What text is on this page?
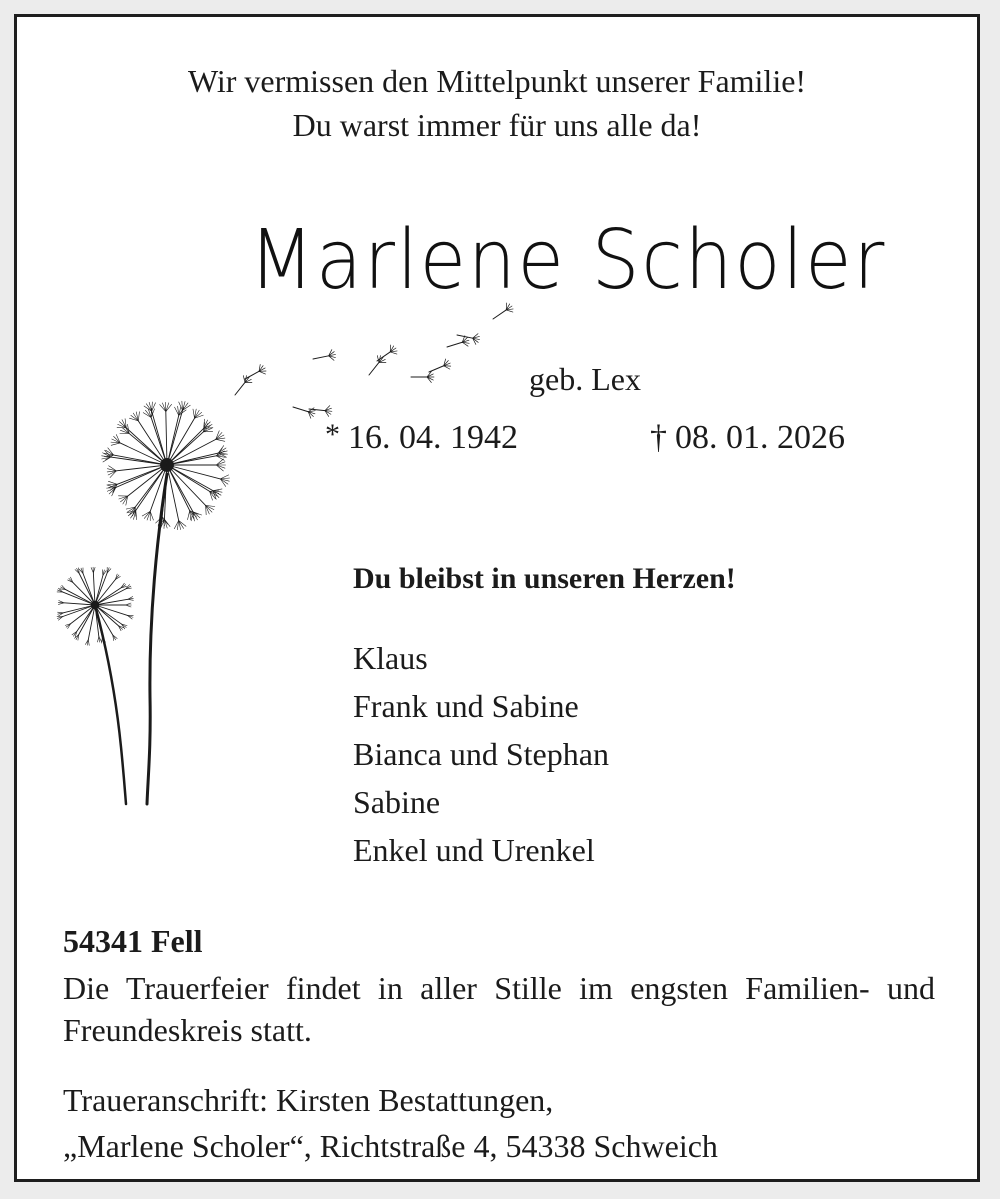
Wir vermissen den Mittelpunkt unserer Familie!
Du warst immer für uns alle da!
Marlene Scholer
geb. Lex
* 16. 04. 1942	† 08. 01. 2026
Du bleibst in unseren Herzen!
Klaus
Frank und Sabine
Bianca und Stephan
Sabine
Enkel und Urenkel
54341 Fell
Die Trauerfeier findet in aller Stille im engsten Familien- und Freundeskreis statt.
Traueranschrift: Kirsten Bestattungen,
„Marlene Scholer“, Richtstraße 4, 54338 Schweich
